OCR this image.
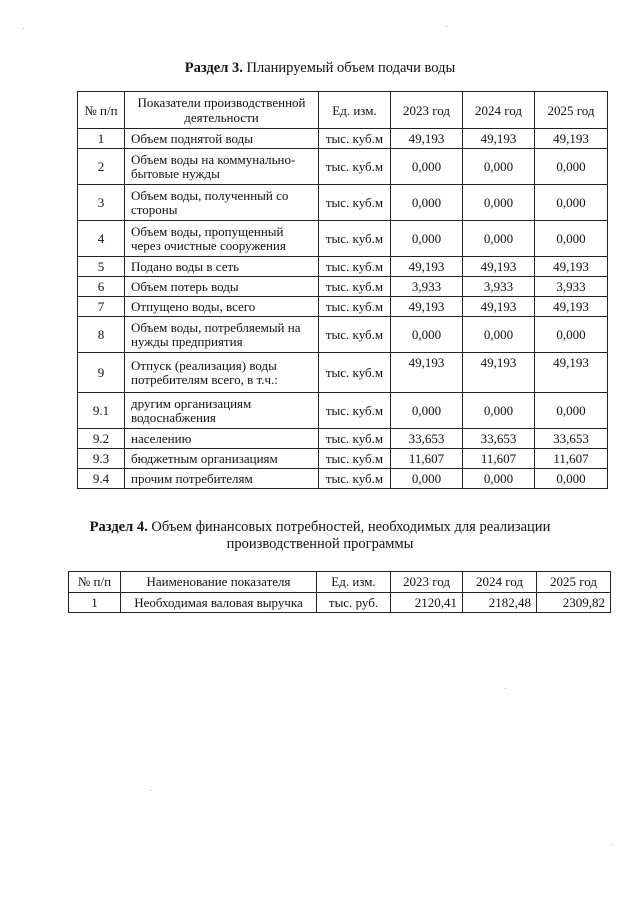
Раздел 3. Планируемый объем подачи воды
№ п/п	Показатели производственной деятельности	Ед. изм.	2023 год	2024 год	2025 год
1	Объем поднятой воды	тыс. куб.м	49,193	49,193	49,193
2	Объем воды на коммунально-бытовые нужды	тыс. куб.м	0,000	0,000	0,000
3	Объем воды, полученный со стороны	тыс. куб.м	0,000	0,000	0,000
4	Объем воды, пропущенный через очистные сооружения	тыс. куб.м	0,000	0,000	0,000
5	Подано воды в сеть	тыс. куб.м	49,193	49,193	49,193
6	Объем потерь воды	тыс. куб.м	3,933	3,933	3,933
7	Отпущено воды, всего	тыс. куб.м	49,193	49,193	49,193
8	Объем воды, потребляемый на нужды предприятия	тыс. куб.м	0,000	0,000	0,000
9	Отпуск (реализация) воды потребителям всего, в т.ч.:	тыс. куб.м	49,193	49,193	49,193
9.1	другим организациям водоснабжения	тыс. куб.м	0,000	0,000	0,000
9.2	населению	тыс. куб.м	33,653	33,653	33,653
9.3	бюджетным организациям	тыс. куб.м	11,607	11,607	11,607
9.4	прочим потребителям	тыс. куб.м	0,000	0,000	0,000
Раздел 4. Объем финансовых потребностей, необходимых для реализации
производственной программы
№ п/п	Наименование показателя	Ед. изм.	2023 год	2024 год	2025 год
1	Необходимая валовая выручка	тыс. руб.	2120,41	2182,48	2309,82
